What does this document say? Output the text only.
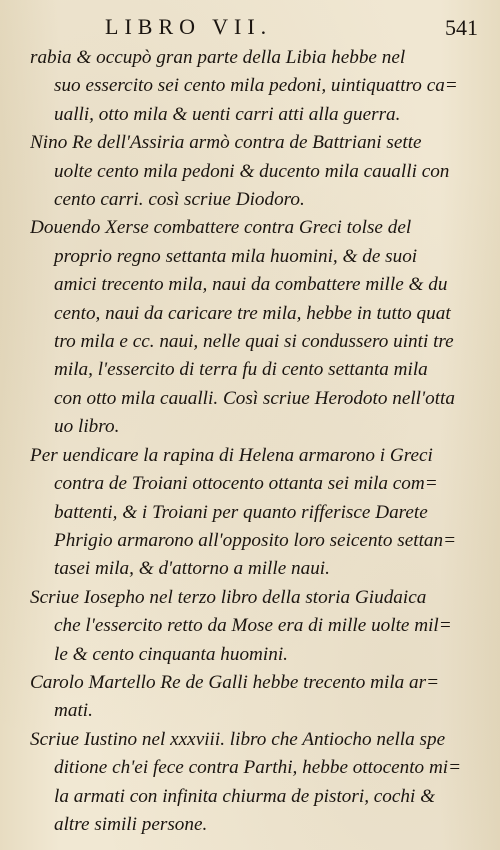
LIBRO VII.	541

rabia & occupò gran parte della Libia hebbe nel
suo essercito sei cento mila pedoni, uintiquattro ca=
ualli, otto mila & uenti carri atti alla guerra.

Nino Re dell'Assiria armò contra de Battriani sette
uolte cento mila pedoni & ducento mila caualli con
cento carri. così scriue Diodoro.

Douendo Xerse combattere contra Greci tolse del
proprio regno settanta mila huomini, & de suoi
amici trecento mila, naui da combattere mille & du
cento, naui da caricare tre mila, hebbe in tutto quat
tro mila e cc. naui, nelle quai si condussero uinti tre
mila, l'essercito di terra fu di cento settanta mila
con otto mila caualli. Così scriue Herodoto nell'otta
uo libro.

Per uendicare la rapina di Helena armarono i Greci
contra de Troiani ottocento ottanta sei mila com=
battenti, & i Troiani per quanto rifferisce Darete
Phrigio armarono all'opposito loro seicento settan=
tasei mila, & d'attorno a mille naui.

Scriue Iosepho nel terzo libro della storia Giudaica
che l'essercito retto da Mose era di mille uolte mil=
le & cento cinquanta huomini.

Carolo Martello Re de Galli hebbe trecento mila ar=
mati.

Scriue Iustino nel xxxviii. libro che Antiocho nella spe
ditione ch'ei fece contra Parthi, hebbe ottocento mi=
la armati con infinita chiurma de pistori, cochi &
altre simili persone.
